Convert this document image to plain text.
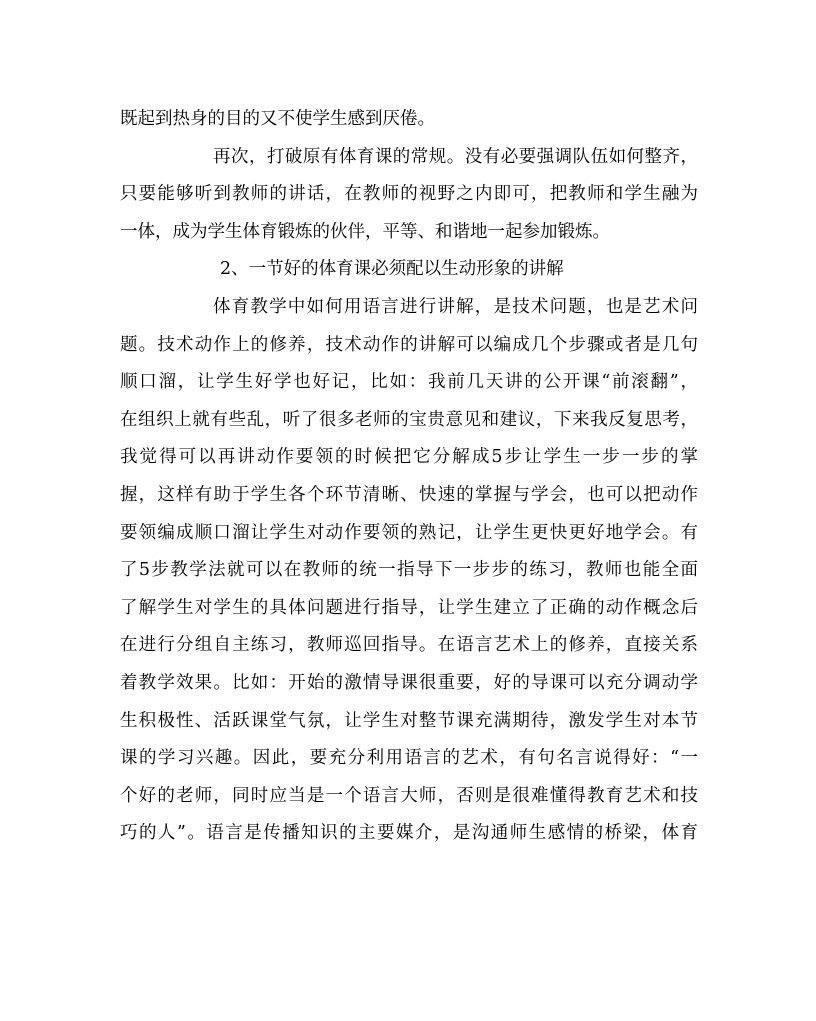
既起到热身的目的又不使学生感到厌倦。
再次，打破原有体育课的常规。没有必要强调队伍如何整齐，
只要能够听到教师的讲话，在教师的视野之内即可，把教师和学生融为
一体，成为学生体育锻炼的伙伴，平等、和谐地一起参加锻炼。
2、一节好的体育课必须配以生动形象的讲解
体育教学中如何用语言进行讲解，是技术问题，也是艺术问
题。技术动作上的修养，技术动作的讲解可以编成几个步骤或者是几句
顺口溜，让学生好学也好记，比如：我前几天讲的公开课“前滚翻”，
在组织上就有些乱，听了很多老师的宝贵意见和建议，下来我反复思考，
我觉得可以再讲动作要领的时候把它分解成5步让学生一步一步的掌
握，这样有助于学生各个环节清晰、快速的掌握与学会，也可以把动作
要领编成顺口溜让学生对动作要领的熟记，让学生更快更好地学会。有
了5步教学法就可以在教师的统一指导下一步步的练习，教师也能全面
了解学生对学生的具体问题进行指导，让学生建立了正确的动作概念后
在进行分组自主练习，教师巡回指导。在语言艺术上的修养，直接关系
着教学效果。比如：开始的激情导课很重要，好的导课可以充分调动学
生积极性、活跃课堂气氛，让学生对整节课充满期待，激发学生对本节
课的学习兴趣。因此，要充分利用语言的艺术，有句名言说得好：“一
个好的老师，同时应当是一个语言大师，否则是很难懂得教育艺术和技
巧的人”。语言是传播知识的主要媒介，是沟通师生感情的桥梁，体育
